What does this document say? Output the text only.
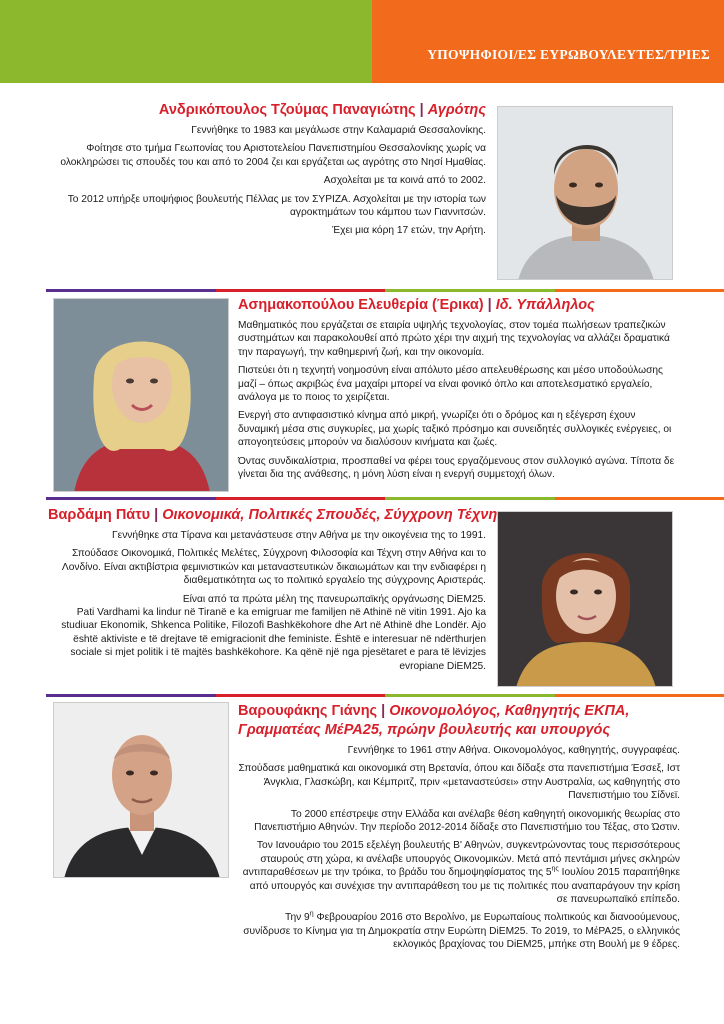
ΥΠΟΨΗΦΙΟΙ/ΕΣ ΕΥΡΩΒΟΥΛΕΥΤΕΣ/ΤΡΙΕΣ
Ανδρικόπουλος Τζούμας Παναγιώτης | Αγρότης

Γεννήθηκε το 1983 και μεγάλωσε στην Καλαμαριά Θεσσαλονίκης.

Φοίτησε στο τμήμα Γεωπονίας του Αριστοτελείου Πανεπιστημίου Θεσσαλονίκης χωρίς να ολοκληρώσει τις σπουδές του και από το 2004 ζει και εργάζεται ως αγρότης στο Νησί Ημαθίας.

Ασχολείται με τα κοινά από το 2002.

Το 2012 υπήρξε υποψήφιος βουλευτής Πέλλας με τον ΣΥΡΙΖΑ. Ασχολείται με την ιστορία των αγροκτημάτων του κάμπου των Γιαννιτσών.

Έχει μια κόρη 17 ετών, την Αρήτη.

Ασημακοπούλου Ελευθερία (Έρικα) | Ιδ. Υπάλληλος

Μαθηματικός που εργάζεται σε εταιρία υψηλής τεχνολογίας, στον τομέα πωλήσεων τραπεζικών συστημάτων και παρακολουθεί από πρώτο χέρι την αιχμή της τεχνολογίας να αλλάζει δραματικά την παραγωγή, την καθημερινή ζωή, και την οικονομία.

Πιστεύει ότι η τεχνητή νοημοσύνη είναι απόλυτο μέσο απελευθέρωσης και μέσο υποδούλωσης μαζί – όπως ακριβώς ένα μαχαίρι μπορεί να είναι φονικό όπλο και αποτελεσματικό εργαλείο, ανάλογα με το ποιος το χειρίζεται.

Ενεργή στο αντιφασιστικό κίνημα από μικρή, γνωρίζει ότι ο δρόμος και η εξέγερση έχουν δυναμική μέσα στις συγκυρίες, μα χωρίς ταξικό πρόσημο και συνειδητές συλλογικές ενέργειες, οι απογοητεύσεις μπορούν να διαλύσουν κινήματα και ζωές.

Όντας συνδικαλίστρια, προσπαθεί να φέρει τους εργαζόμενους στον συλλογικό αγώνα. Τίποτα δε γίνεται δια της ανάθεσης, η μόνη λύση είναι η ενεργή συμμετοχή όλων.

Βαρδάμη Πάτυ | Οικονομικά, Πολιτικές Σπουδές, Σύγχρονη Τέχνη

Γεννήθηκε στα Τίρανα και μετανάστευσε στην Αθήνα με την οικογένεια της το 1991.

Σπούδασε Οικονομικά, Πολιτικές Μελέτες, Σύγχρονη Φιλοσοφία και Τέχνη στην Αθήνα και το Λονδίνο. Είναι ακτιβίστρια φεμινιστικών και μεταναστευτικών δικαιωμάτων και την ενδιαφέρει η διαθεματικότητα ως το πολιτικό εργαλείο της σύγχρονης Αριστεράς.

Είναι από τα πρώτα μέλη της πανευρωπαϊκής οργάνωσης DiEM25.

Pati Vardhami ka lindur në Tiranë e ka emigruar me familjen në Athinë në vitin 1991. Ajo ka studiuar Ekonomik, Shkenca Politike, Filozofi Bashkëkohore dhe Art në Athinë dhe Londër. Ajo është aktiviste e të drejtave të emigracionit dhe feministe. Është e interesuar në ndërthurjen sociale si mjet politik i të majtës bashkëkohore. Ka qënë një nga pjesëtaret e para të lëvizjes evropiane DiEM25.

Βαρουφάκης Γιάνης | Οικονομολόγος, Καθηγητής ΕΚΠΑ,
Γραμματέας ΜέΡΑ25, πρώην βουλευτής και υπουργός

Γεννήθηκε το 1961 στην Αθήνα. Οικονομολόγος, καθηγητής, συγγραφέας.

Σπούδασε μαθηματικά και οικονομικά στη Βρετανία, όπου και δίδαξε στα πανεπιστήμια Έσσεξ, Ιστ Άνγκλια, Γλασκώβη, και Κέμπριτζ, πριν «μεταναστεύσει» στην Αυστραλία, ως καθηγητής στο Πανεπιστήμιο του Σίδνεϊ.

Το 2000 επέστρεψε στην Ελλάδα και ανέλαβε θέση καθηγητή οικονομικής θεωρίας στο Πανεπιστήμιο Αθηνών. Την περίοδο 2012-2014 δίδαξε στο Πανεπιστήμιο του Τέξας, στο Ώστιν.

Τον Ιανουάριο του 2015 εξελέγη βουλευτής Β' Αθηνών, συγκεντρώνοντας τους περισσότερους σταυρούς στη χώρα, κι ανέλαβε υπουργός Οικονομικών. Μετά από πεντάμισι μήνες σκληρών αντιπαραθέσεων με την τρόικα, το βράδυ του δημοψηφίσματος της $5^{\eta\varsigma}$ Ιουλίου 2015 παραιτήθηκε από υπουργός και συνέχισε την αντιπαράθεση του με τις πολιτικές που αναπαράγουν την κρίση σε πανευρωπαϊκό επίπεδο.

Την $9^\eta$ Φεβρουαρίου 2016 στο Βερολίνο, με Ευρωπαίους πολιτικούς και διανοούμενους, συνίδρυσε το Κίνημα για τη Δημοκρατία στην Ευρώπη DiEM25. Το 2019, το ΜέΡΑ25, ο ελληνικός εκλογικός βραχίονας του DiEM25, μπήκε στη Βουλή με 9 έδρες.
